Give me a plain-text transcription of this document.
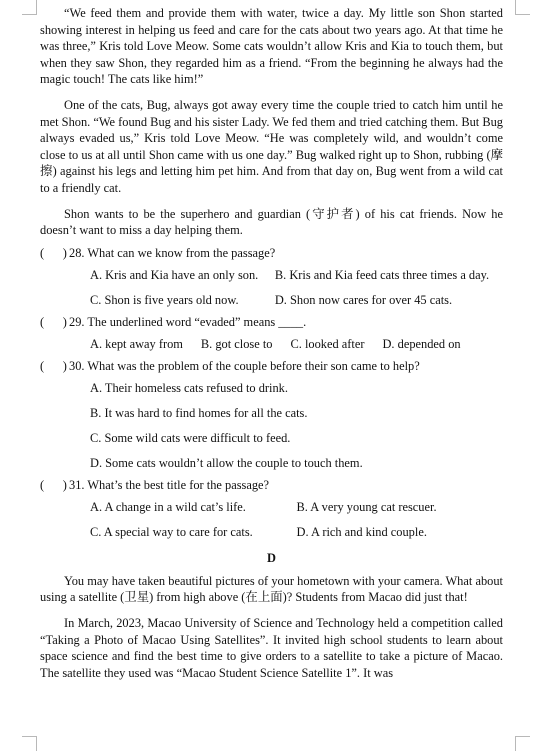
“We feed them and provide them with water, twice a day. My little son Shon started showing interest in helping us feed and care for the cats about two years ago. At that time he was three,” Kris told Love Meow. Some cats wouldn’t allow Kris and Kia to touch them, but when they saw Shon, they regarded him as a friend. “From the beginning he always had the magic touch! The cats like him!”

One of the cats, Bug, always got away every time the couple tried to catch him until he met Shon. “We found Bug and his sister Lady. We fed them and tried catching them. But Bug always evaded us,” Kris told Love Meow. “He was completely wild, and wouldn’t come close to us at all until Shon came with us one day.” Bug walked right up to Shon, rubbing (摩擦) against his legs and letting him pet him. And from that day on, Bug went from a wild cat to a friendly cat.

Shon wants to be the superhero and guardian (守护者) of his cat friends. Now he doesn’t want to miss a day helping them.

(      ) 28. What can we know from the passage?
A. Kris and Kia have an only son.	B. Kris and Kia feed cats three times a day.
C. Shon is five years old now.	D. Shon now cares for over 45 cats.
(      ) 29. The underlined word “evaded” means ____.
A. kept away from B. got close to C. looked after D. depended on
(      ) 30. What was the problem of the couple before their son came to help?
A. Their homeless cats refused to drink.
B. It was hard to find homes for all the cats.
C. Some wild cats were difficult to feed.
D. Some cats wouldn’t allow the couple to touch them.
(      ) 31. What’s the best title for the passage?
A. A change in a wild cat’s life.	B. A very young cat rescuer.
C. A special way to care for cats.	D. A rich and kind couple.
D

You may have taken beautiful pictures of your hometown with your camera. What about using a satellite (卫星) from high above (在上面)? Students from Macao did just that!

In March, 2023, Macao University of Science and Technology held a competition called “Taking a Photo of Macao Using Satellites”. It invited high school students to learn about space science and find the best time to give orders to a satellite to take a picture of Macao. The satellite they used was “Macao Student Science Satellite 1”. It was
